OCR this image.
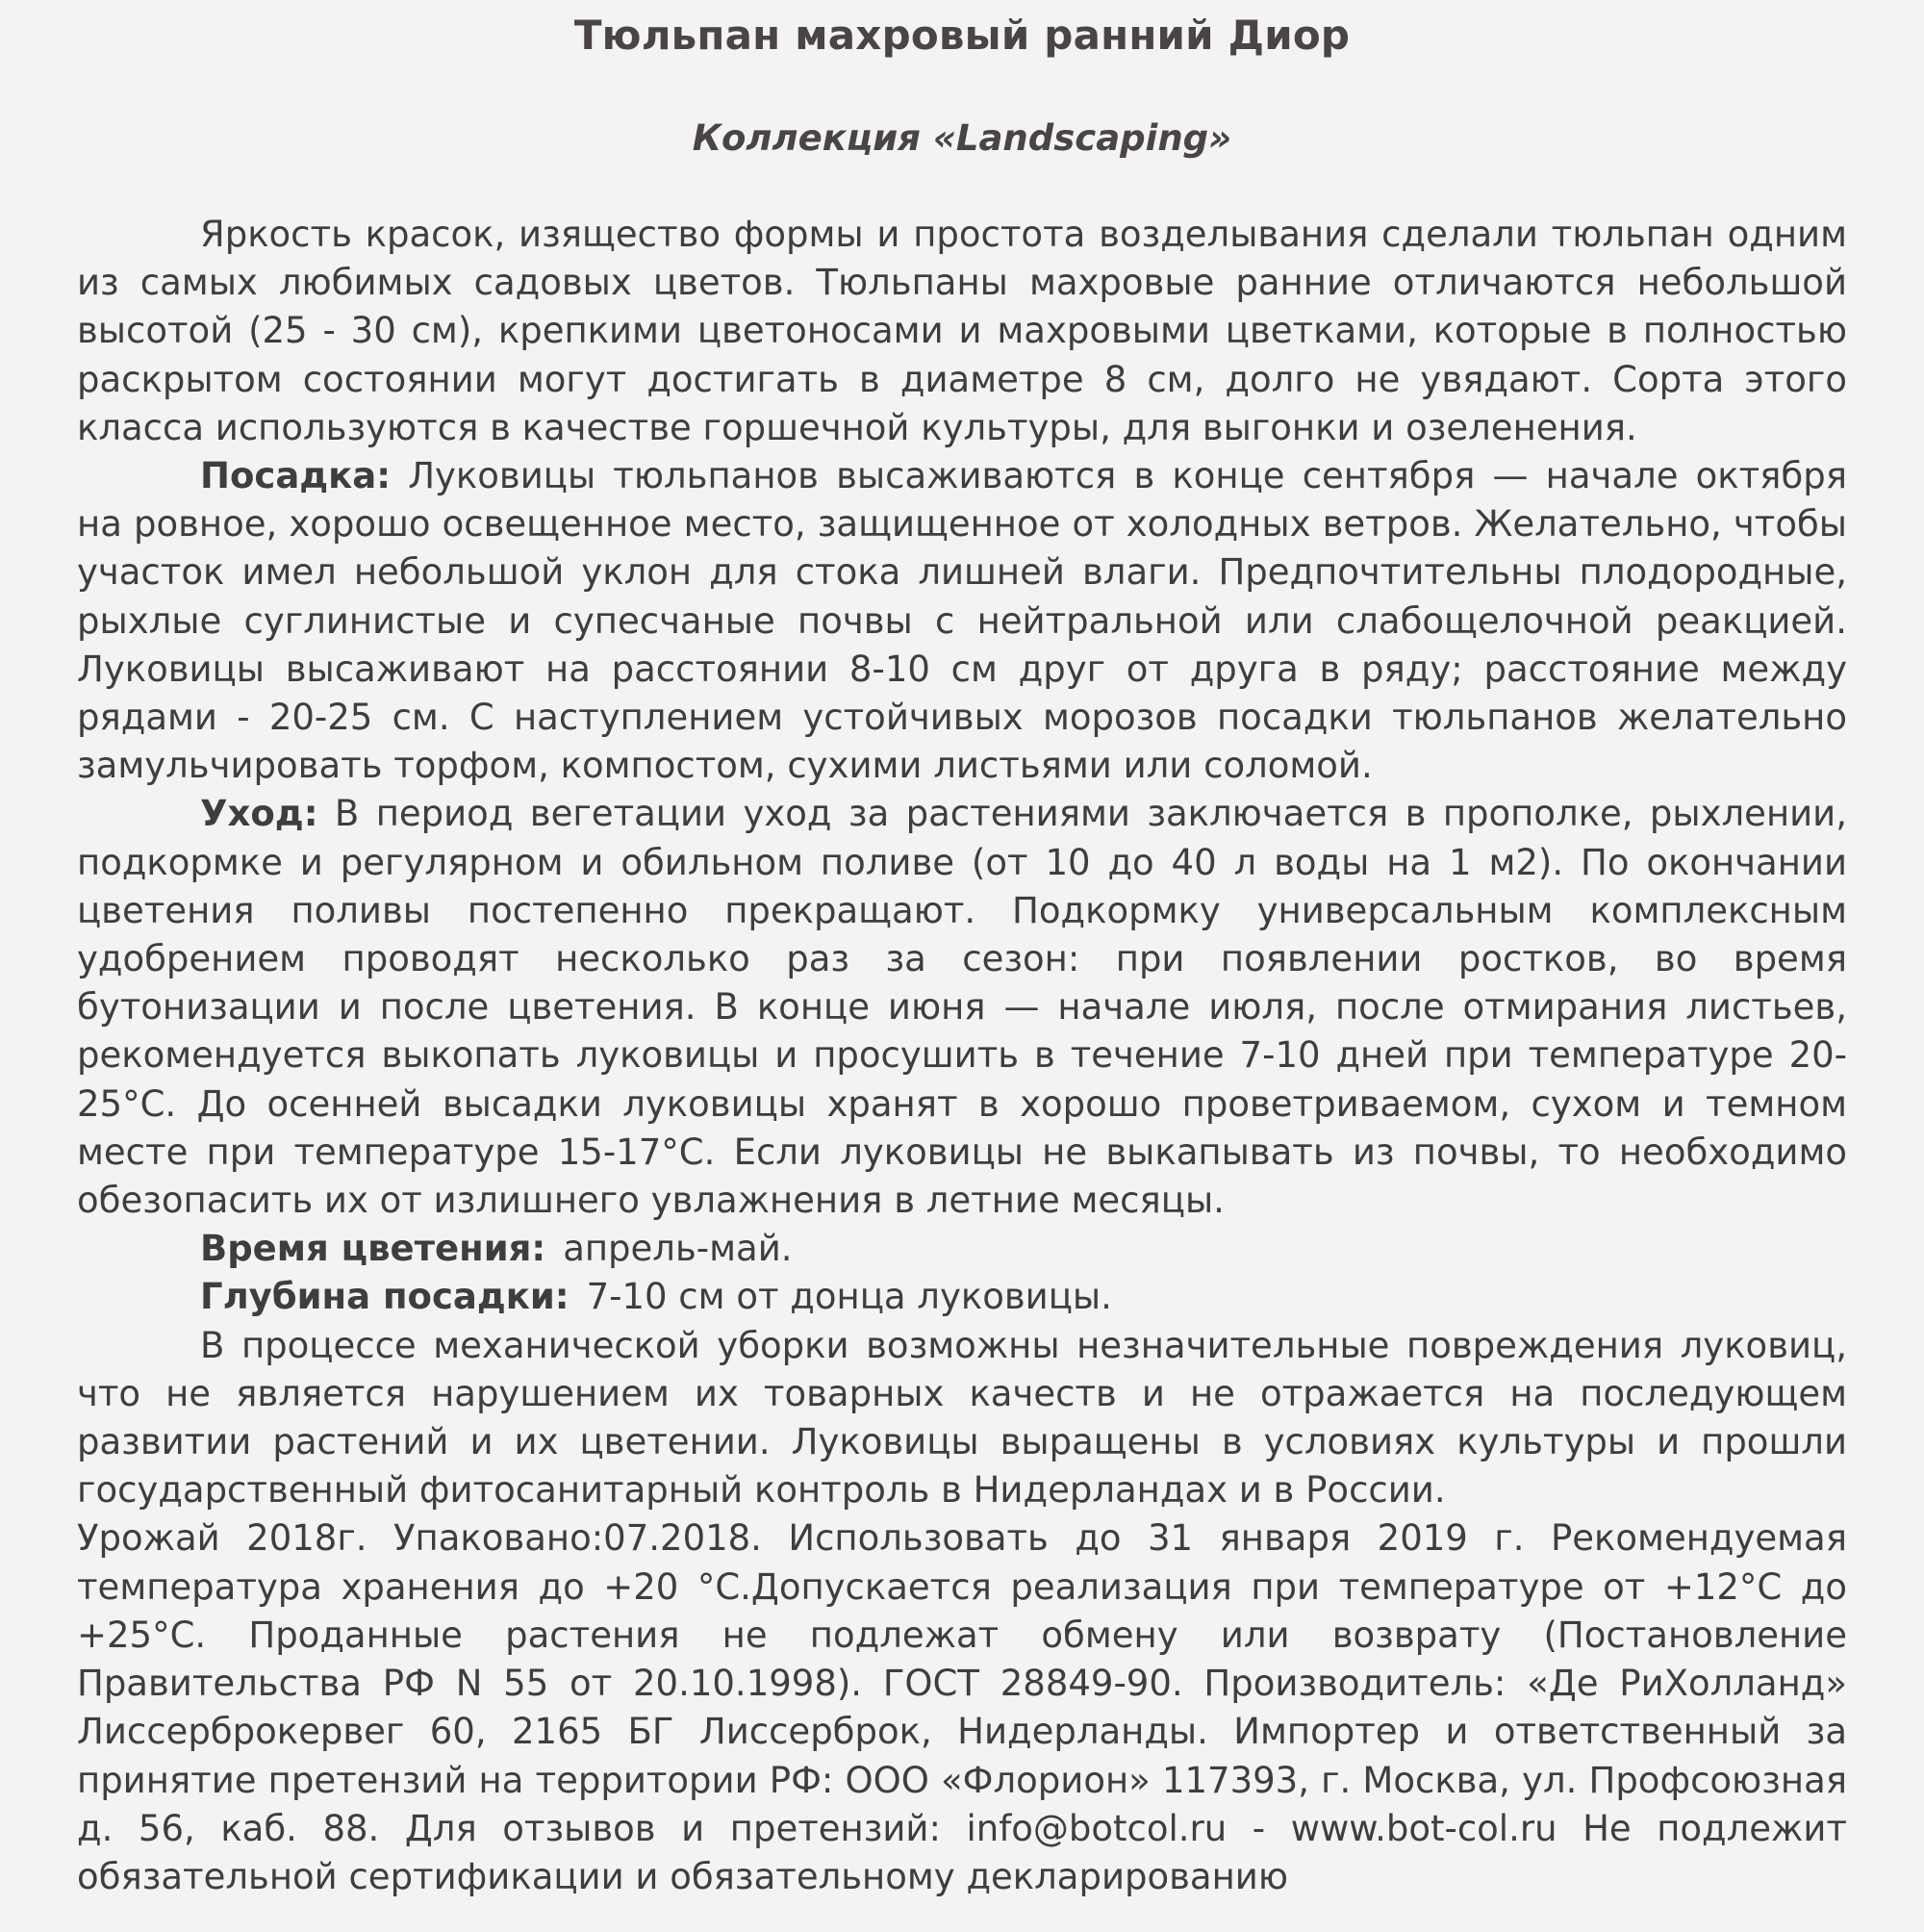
Тюльпан махровый ранний Диор
Коллекция «Landscaping»

Яркость красок, изящество формы и простота возделывания сделали тюльпан одним из самых любимых садовых цветов. Тюльпаны махровые ранние отличаются небольшой высотой (25 - 30 см), крепкими цветоносами и махровыми цветками, которые в полностью раскрытом состоянии могут достигать в диаметре 8 см, долго не увядают. Сорта этого класса используются в качестве горшечной культуры, для выгонки и озеленения.

Посадка: Луковицы тюльпанов высаживаются в конце сентября — начале октября на ровное, хорошо освещенное место, защищенное от холодных ветров. Желательно, чтобы участок имел небольшой уклон для стока лишней влаги. Предпочтительны плодородные, рыхлые суглинистые и супесчаные почвы с нейтральной или слабощелочной реакцией. Луковицы высаживают на расстоянии 8-10 см друг от друга в ряду; расстояние между рядами - 20-25 см. С наступлением устойчивых морозов посадки тюльпанов желательно замульчировать торфом, компостом, сухими листьями или соломой.

Уход: В период вегетации уход за растениями заключается в прополке, рыхлении, подкормке и регулярном и обильном поливе (от 10 до 40 л воды на 1 м2). По окончании цветения поливы постепенно прекращают. Подкормку универсальным комплексным удобрением проводят несколько раз за сезон: при появлении ростков, во время бутонизации и после цветения. В конце июня — начале июля, после отмирания листьев, рекомендуется выкопать луковицы и просушить в течение 7-10 дней при температуре 20-25°C. До осенней высадки луковицы хранят в хорошо проветриваемом, сухом и темном месте при температуре 15-17°C. Если луковицы не выкапывать из почвы, то необходимо обезопасить их от излишнего увлажнения в летние месяцы.

Время цветения: апрель-май.
Глубина посадки: 7-10 см от донца луковицы.

В процессе механической уборки возможны незначительные повреждения луковиц, что не является нарушением их товарных качеств и не отражается на последующем развитии растений и их цветении. Луковицы выращены в условиях культуры и прошли государственный фитосанитарный контроль в Нидерландах и в России.

Урожай 2018г. Упаковано:07.2018. Использовать до 31 января 2019 г. Рекомендуемая температура хранения до +20 °С.Допускается реализация при температуре от +12°С до +25°С. Проданные растения не подлежат обмену или возврату (Постановление Правительства РФ N 55 от 20.10.1998). ГОСТ 28849-90. Производитель: «Де РиХолланд» Лиссерброкервег 60, 2165 БГ Лиссерброк, Нидерланды. Импортер и ответственный за принятие претензий на территории РФ: ООО «Флорион» 117393, г. Москва, ул. Профсоюзная д. 56, каб. 88. Для отзывов и претензий: info@botcol.ru - www.bot-col.ru Не подлежит обязательной сертификации и обязательному декларированию
